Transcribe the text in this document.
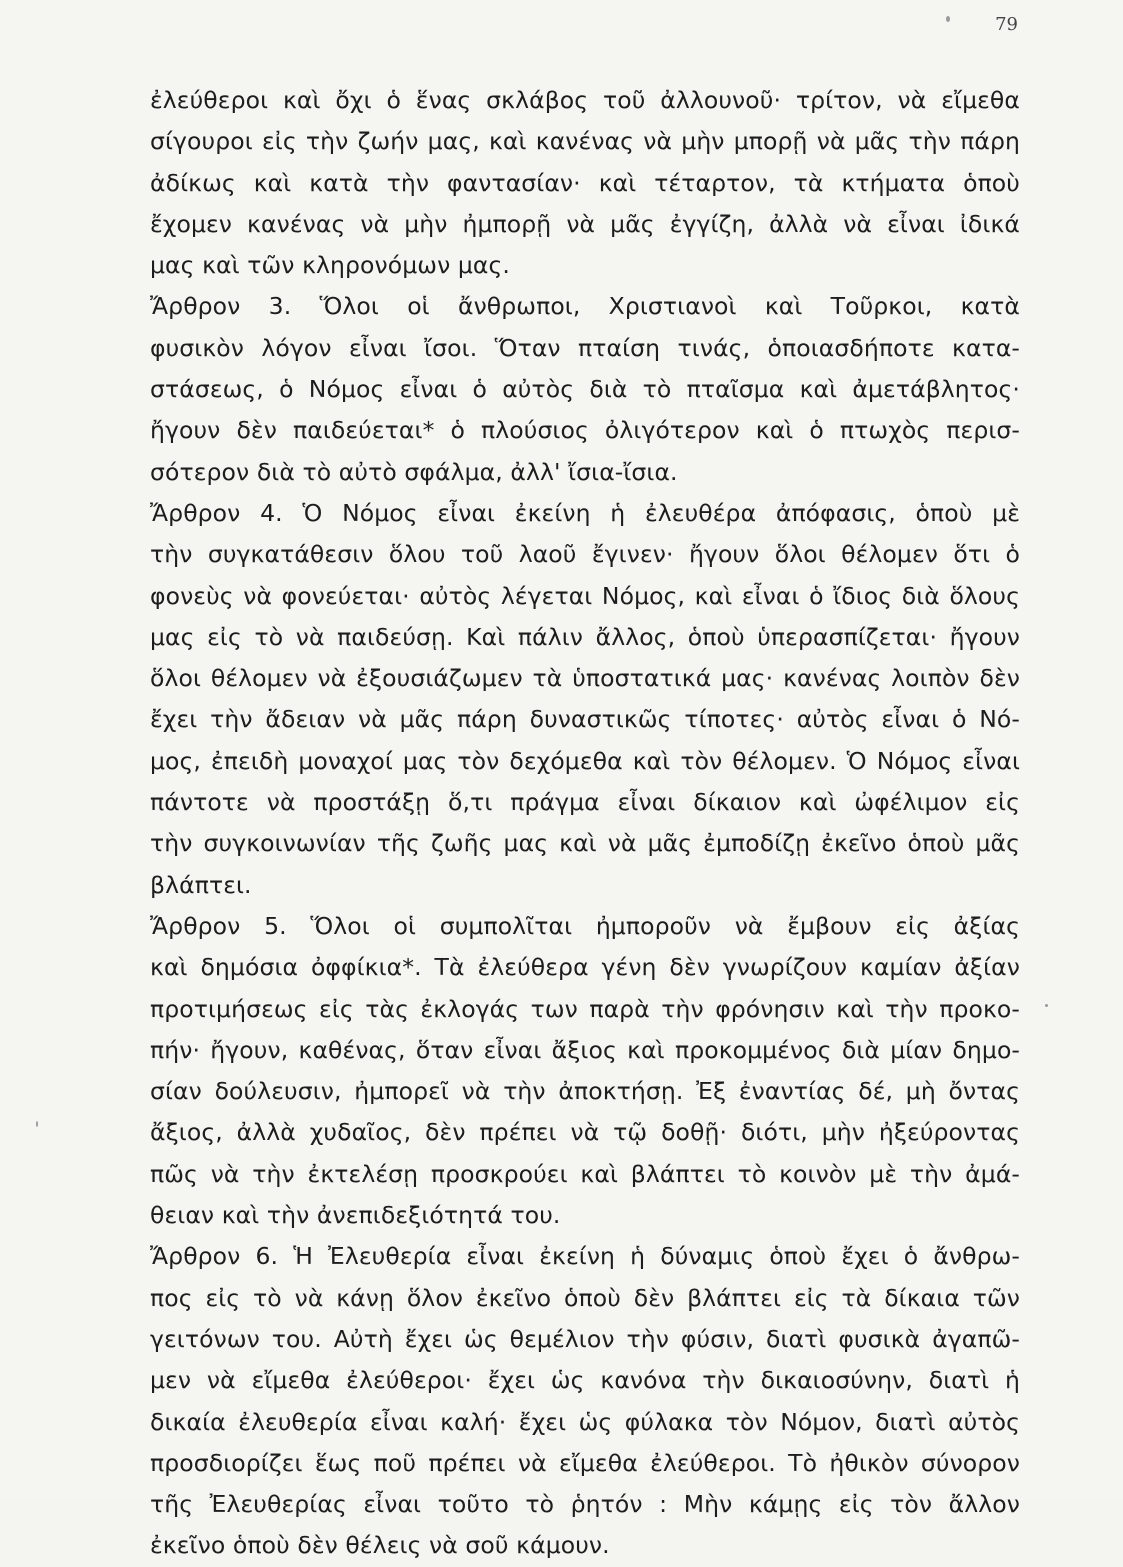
79
ἐλεύθεροι καὶ ὄχι ὁ ἕνας σκλάβος τοῦ ἀλλουνοῦ· τρίτον, νὰ εἴμεθα
σίγουροι εἰς τὴν ζωήν μας, καὶ κανένας νὰ μὴν μπορῇ νὰ μᾶς τὴν πάρη
ἀδίκως καὶ κατὰ τὴν φαντασίαν· καὶ τέταρτον, τὰ κτήματα ὁποὺ
ἔχομεν κανένας νὰ μὴν ἠμπορῇ νὰ μᾶς ἐγγίζη, ἀλλὰ νὰ εἶναι ἰδικά
μας καὶ τῶν κληρονόμων μας.
Ἄρθρον 3. Ὅλοι οἱ ἄνθρωποι, Χριστιανοὶ καὶ Τοῦρκοι, κατὰ
φυσικὸν λόγον εἶναι ἴσοι. Ὅταν πταίση τινάς, ὁποιασδήποτε κατα-
στάσεως, ὁ Νόμος εἶναι ὁ αὐτὸς διὰ τὸ πταῖσμα καὶ ἀμετάβλητος·
ἤγουν δὲν παιδεύεται* ὁ πλούσιος ὀλιγότερον καὶ ὁ πτωχὸς περισ-
σότερον διὰ τὸ αὐτὸ σφάλμα, ἀλλ' ἴσια-ἴσια.
Ἄρθρον 4. Ὁ Νόμος εἶναι ἐκείνη ἡ ἐλευθέρα ἀπόφασις, ὁποὺ μὲ
τὴν συγκατάθεσιν ὅλου τοῦ λαοῦ ἔγινεν· ἤγουν ὅλοι θέλομεν ὅτι ὁ
φονεὺς νὰ φονεύεται· αὐτὸς λέγεται Νόμος, καὶ εἶναι ὁ ἴδιος διὰ ὅλους
μας εἰς τὸ νὰ παιδεύσῃ. Καὶ πάλιν ἄλλος, ὁποὺ ὑπερασπίζεται· ἤγουν
ὅλοι θέλομεν νὰ ἐξουσιάζωμεν τὰ ὑποστατικά μας· κανένας λοιπὸν δὲν
ἔχει τὴν ἄδειαν νὰ μᾶς πάρη δυναστικῶς τίποτες· αὐτὸς εἶναι ὁ Νό-
μος, ἐπειδὴ μοναχοί μας τὸν δεχόμεθα καὶ τὸν θέλομεν. Ὁ Νόμος εἶναι
πάντοτε νὰ προστάξῃ ὅ,τι πράγμα εἶναι δίκαιον καὶ ὠφέλιμον εἰς
τὴν συγκοινωνίαν τῆς ζωῆς μας καὶ νὰ μᾶς ἐμποδίζῃ ἐκεῖνο ὁποὺ μᾶς
βλάπτει.
Ἄρθρον 5. Ὅλοι οἱ συμπολῖται ἠμποροῦν νὰ ἔμβουν εἰς ἀξίας
καὶ δημόσια ὀφφίκια*. Τὰ ἐλεύθερα γένη δὲν γνωρίζουν καμίαν ἀξίαν
προτιμήσεως εἰς τὰς ἐκλογάς των παρὰ τὴν φρόνησιν καὶ τὴν προκο-
πήν· ἤγουν, καθένας, ὅταν εἶναι ἄξιος καὶ προκομμένος διὰ μίαν δημο-
σίαν δούλευσιν, ἠμπορεῖ νὰ τὴν ἀποκτήσῃ. Ἐξ ἐναντίας δέ, μὴ ὄντας
ἄξιος, ἀλλὰ χυδαῖος, δὲν πρέπει νὰ τῷ δοθῇ· διότι, μὴν ἠξεύροντας
πῶς νὰ τὴν ἐκτελέσῃ προσκρούει καὶ βλάπτει τὸ κοινὸν μὲ τὴν ἀμά-
θειαν καὶ τὴν ἀνεπιδεξιότητά του.
Ἄρθρον 6. Ἡ Ἐλευθερία εἶναι ἐκείνη ἡ δύναμις ὁποὺ ἔχει ὁ ἄνθρω-
πος εἰς τὸ νὰ κάνῃ ὅλον ἐκεῖνο ὁποὺ δὲν βλάπτει εἰς τὰ δίκαια τῶν
γειτόνων του. Αὐτὴ ἔχει ὡς θεμέλιον τὴν φύσιν, διατὶ φυσικὰ ἀγαπῶ-
μεν νὰ εἴμεθα ἐλεύθεροι· ἔχει ὡς κανόνα τὴν δικαιοσύνην, διατὶ ἡ
δικαία ἐλευθερία εἶναι καλή· ἔχει ὡς φύλακα τὸν Νόμον, διατὶ αὐτὸς
προσδιορίζει ἕως ποῦ πρέπει νὰ εἴμεθα ἐλεύθεροι. Τὸ ἠθικὸν σύνορον
τῆς Ἐλευθερίας εἶναι τοῦτο τὸ ῥητόν : Μὴν κάμῃς εἰς τὸν ἄλλον
ἐκεῖνο ὁποὺ δὲν θέλεις νὰ σοῦ κάμουν.
